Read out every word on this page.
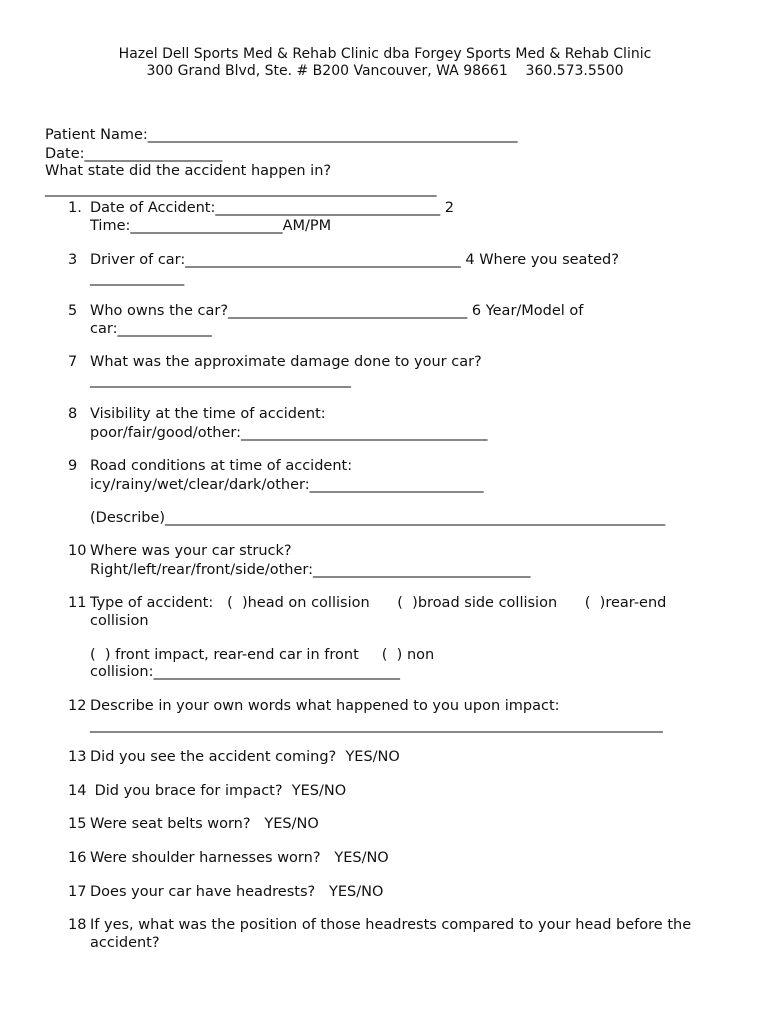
Hazel Dell Sports Med & Rehab Clinic dba Forgey Sports Med & Rehab Clinic
300 Grand Blvd, Ste. # B200 Vancouver, WA 98661    360.573.5500
Patient Name:___________________________________________________
Date:___________________
What state did the accident happen in?
______________________________________________________
1. Date of Accident:_______________________________ 2
Time:_____________________AM/PM
3 Driver of car:______________________________________ 4 Where you seated?
_____________
5 Who owns the car?_________________________________ 6 Year/Model of
car:_____________
7 What was the approximate damage done to your car?
____________________________________
8 Visibility at the time of accident:
poor/fair/good/other:__________________________________
9 Road conditions at time of accident:
icy/rainy/wet/clear/dark/other:________________________
(Describe)_____________________________________________________________________
10 Where was your car struck?
Right/left/rear/front/side/other:______________________________
11 Type of accident:   (  )head on collision      (  )broad side collision      (  )rear-end
collision
(  ) front impact, rear-end car in front     (  ) non
collision:__________________________________
12 Describe in your own words what happened to you upon impact:
_______________________________________________________________________________
13 Did you see the accident coming?  YES/NO
14 Did you brace for impact?  YES/NO
15 Were seat belts worn?   YES/NO
16 Were shoulder harnesses worn?   YES/NO
17 Does your car have headrests?   YES/NO
18 If yes, what was the position of those headrests compared to your head before the
accident?
